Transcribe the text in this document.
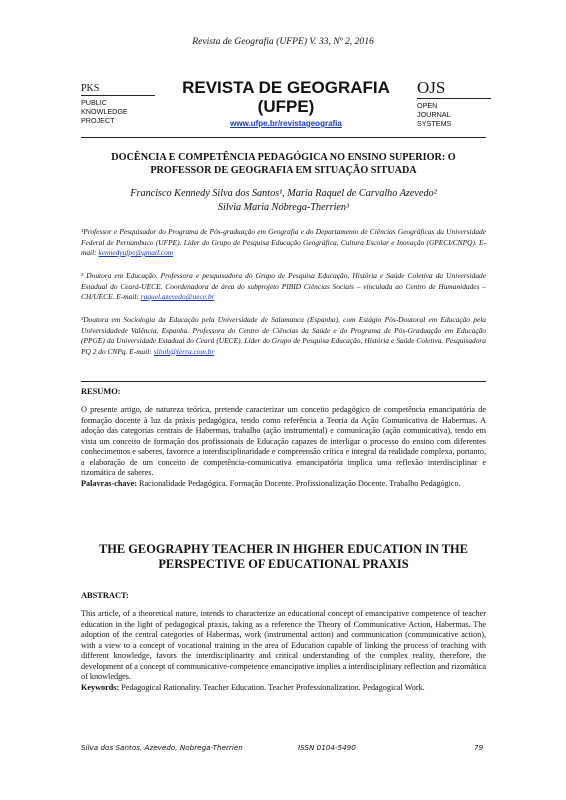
Revista de Geografia (UFPE) V. 33, Nº 2, 2016
PKS
PUBLIC
KNOWLEDGE
PROJECT
REVISTA DE GEOGRAFIA
(UFPE)
www.ufpe.br/revistageografia
OJS
OPEN
JOURNAL
SYSTEMS
DOCÊNCIA E COMPETÊNCIA PEDAGÓGICA NO ENSINO SUPERIOR: O
PROFESSOR DE GEOGRAFIA EM SITUAÇÃO SITUADA
Francisco Kennedy Silva dos Santos¹, Maria Raquel de Carvalho Azevedo²
Silvia Maria Nóbrega-Therrien³
¹Professor e Pesquisador do Programa de Pós-graduação em Geografia e do Departamento de Ciências Geográficas da Universidade Federal de Pernambuco (UFPE). Líder do Grupo de Pesquisa Educação Geográfica, Cultura Escolar e Inovação (GPECI/CNPQ). E-mail: kennedyufpe@gmail.com
² Doutora em Educação. Professora e pesquisadora do Grupo de Pesquisa Educação, História e Saúde Coletiva da Universidade Estadual do Ceará-UECE. Coordenadora de área do subprojeto PIBID Ciências Sociais – vinculada ao Centro de Humanidades – CH/UECE. E-mail: raquel.azevedo@uece.br
³Doutora em Sociologia da Educação pela Universidade de Salamanca (Espanha), com Estágio Pós-Doutoral em Educação pela Universidadede Valência, Espanha. Professora do Centro de Ciências da Saúde e do Programa de Pós-Graduação em Educação (PPGE) da Universidade Estadual do Ceará (UECE). Líder do Grupo de Pesquisa Educação, História e Saúde Coletiva. Pesquisadora PQ 2 do CNPq. E-mail: silnth@terra.com.br
RESUMO:
O presente artigo, de natureza teórica, pretende caracterizar um conceito pedagógico de competência emancipatória de formação docente à luz da práxis pedagógica, tendo como referência a Teoria da Ação Comunicativa de Habermas. A adoção das categorias centrais de Habermas, trabalho (ação instrumental) e comunicação (ação comunicativa), tendo em vista um conceito de formação dos profissionais de Educação capazes de interligar o processo do ensino com diferentes conhecimentos e saberes, favorece a interdisciplinaridade e compreensão crítica e integral da realidade complexa, portanto, a elaboração de um conceito de competência-comunicativa emancipatória implica uma reflexão interdisciplinar e rizomática de saberes.
Palavras-chave: Racionalidade Pedagógica. Formação Docente. Profissionalização Docente. Trabalho Pedagógico.
THE GEOGRAPHY TEACHER IN HIGHER EDUCATION IN THE
PERSPECTIVE OF EDUCATIONAL PRAXIS
ABSTRACT:
This article, of a theoretical nature, intends to characterize an educational concept of emancipative competence of teacher education in the light of pedagogical praxis, taking as a reference the Theory of Communicative Action, Habermas. The adoption of the central categories of Habermas, work (instrumental action) and communication (communicative action), with a view to a concept of vocational training in the area of Education capable of linking the process of teaching with different knowledge, favors the interdisciplinarity and critical understanding of the complex reality, therefore, the development of a concept of communicative-competence emancipative implies a interdisciplinary reflection and rizomática of knowledges.
Keywords: Pedagogical Rationality. Teacher Education. Teacher Professionalization. Pedagogical Work.
Silva dos Santos, Azevedo, Nobrega-Therrien	ISSN 0104-5490	79
